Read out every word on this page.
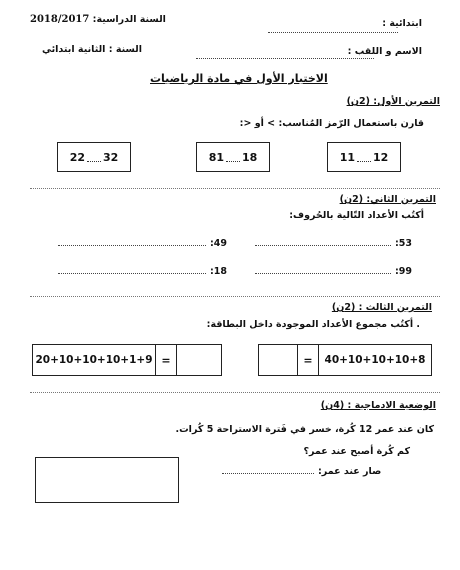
السنة الدراسية: 2018/2017	ابتدائية :
الاسم و اللقب :
السنة : الثانية ابتدائي
الاختبار الأول في مادة الرياضيات
التمرين الأول: (2ن)
قارن باستعمال الرّمز المُناسب: > أو <:
22 32	81 18	11 12
التمرين الثاني: (2ن)
أكتُب الأعداد التّالية بالحُروف:
:53
:49
:99
:18
التمرين الثالث : (2ن)
. أكتُب مجموع الأعداد الموجودة داخل البطاقة:
20+10+10+10+1+9 =	=	40+10+10+10+8
الوضعية الادماجية : (4ن)
كان عند عمر 12 كُرة، خسر في فَترة الاستراحة 5 كُرات.
كم كُرة أصبح عند عمر؟
صار عند عمر:
